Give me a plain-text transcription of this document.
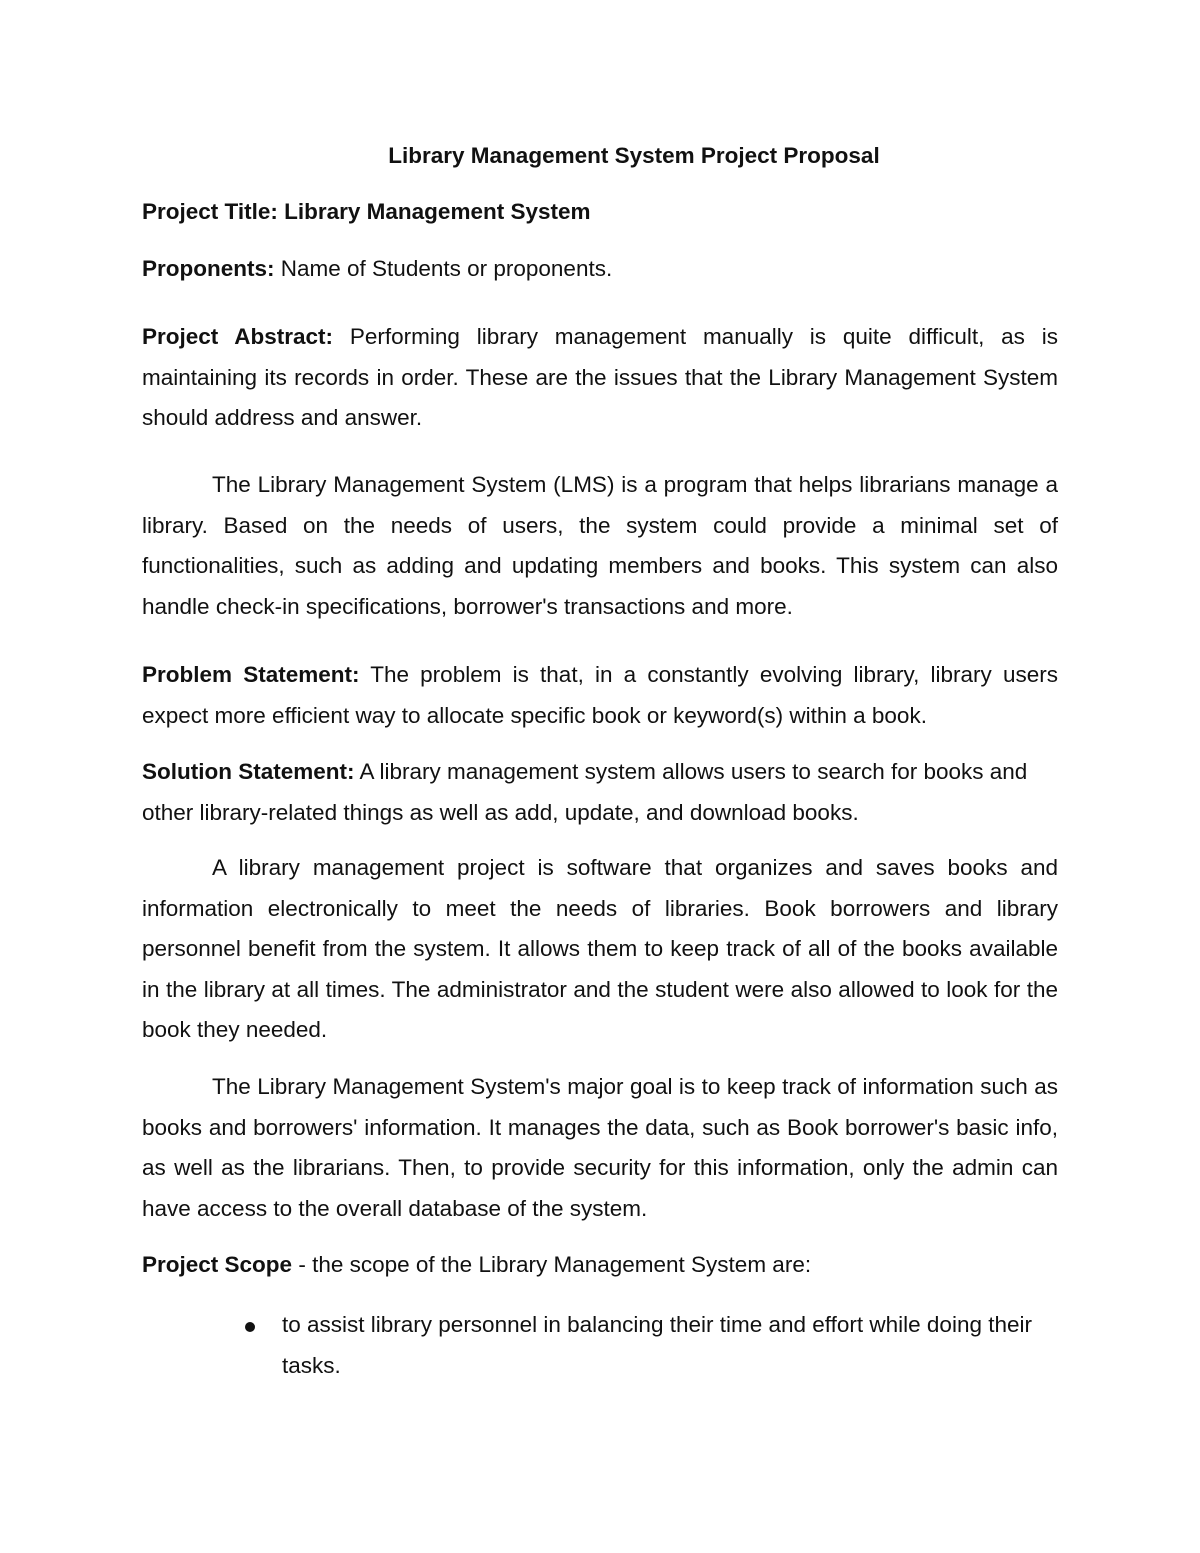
Library Management System Project Proposal
Project Title: Library Management System
Proponents: Name of Students or proponents.
Project Abstract: Performing library management manually is quite difficult, as is maintaining its records in order. These are the issues that the Library Management System should address and answer.
The Library Management System (LMS) is a program that helps librarians manage a library. Based on the needs of users, the system could provide a minimal set of functionalities, such as adding and updating members and books. This system can also handle check-in specifications, borrower's transactions and more.
Problem Statement: The problem is that, in a constantly evolving library, library users expect more efficient way to allocate specific book or keyword(s) within a book.
Solution Statement: A library management system allows users to search for books and other library-related things as well as add, update, and download books.
A library management project is software that organizes and saves books and information electronically to meet the needs of libraries. Book borrowers and library personnel benefit from the system. It allows them to keep track of all of the books available in the library at all times. The administrator and the student were also allowed to look for the book they needed.
The Library Management System's major goal is to keep track of information such as books and borrowers' information. It manages the data, such as Book borrower's basic info, as well as the librarians. Then, to provide security for this information, only the admin can have access to the overall database of the system.
Project Scope - the scope of the Library Management System are:
to assist library personnel in balancing their time and effort while doing their tasks.
